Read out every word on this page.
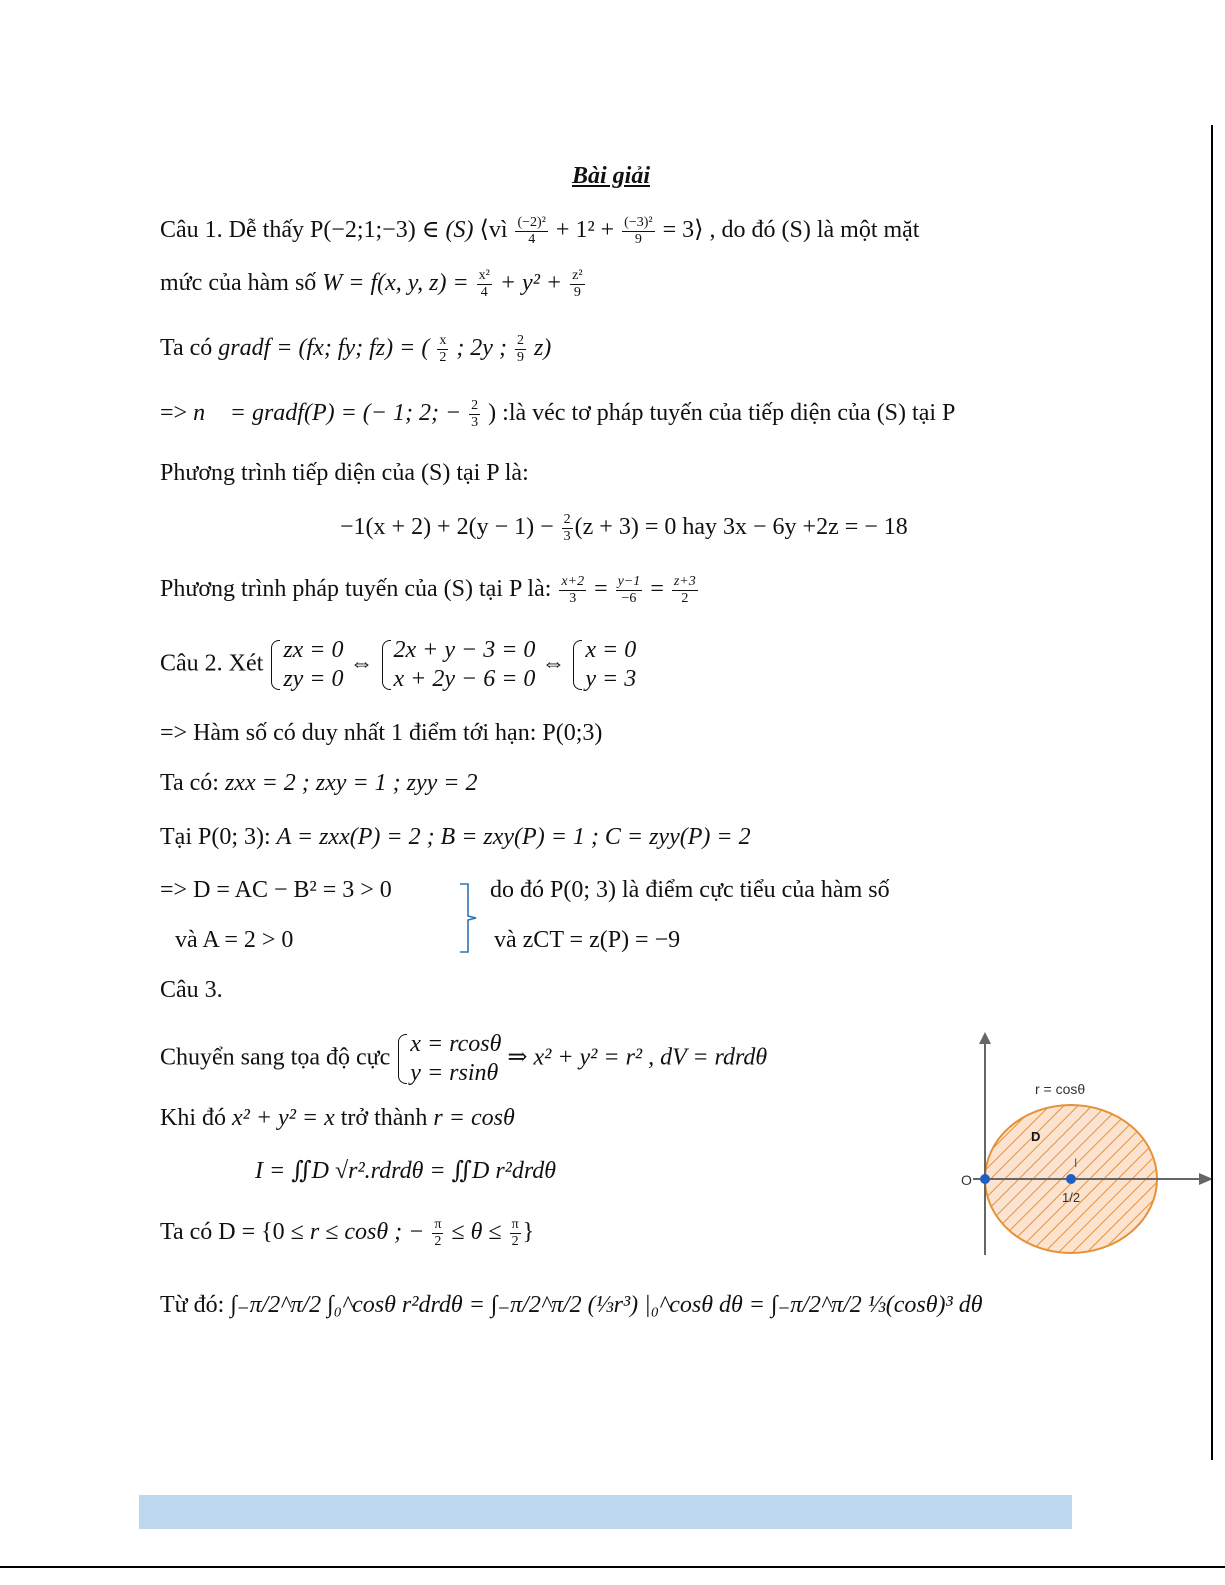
Bài giải
Câu 1. Dễ thấy P(−2;1;−3) ∈ (S) ⟨vì $\frac{\text{(−2)²}}{4} + 1^2 + \frac{\text{(−3)²}}{9}$ = 3⟩ , do đó (S) là một mặt
mức của hàm số W = f(x, y, $z) = \frac{\text{x²}}{4} + y^2 + \frac{\text{z²}}{9}$
Ta có gradf = (fx; fy; fz) = ( $\frac{x}{2}$ ; 2y ; $\frac{2}{9} z$)
=> n⃗ = gradf(P) = (− 1; 2; − $\frac{2}{3}$ ) :là véc tơ pháp tuyến của tiếp diện của (S) tại P
Phương trình tiếp diện của (S) tại P là:
$-1(x + 2) + 2(y - 1) - \frac{2}{3} (z + 3) = 0$ hay 3x − 6y +2z = − 18
Phương trình pháp tuyến của (S) tại P là: $\frac{x+2}{3} = \frac{y-1}{-6} = \frac{z+3}{2}$
Câu 2. Xét
zx = 0
zy = 0
⇔
2x + y − 3 = 0
x + 2y − 6 = 0
⇔
x = 0
y = 3
=> Hàm số có duy nhất 1 điểm tới hạn: P(0;3)
Ta có: zxx = 2 ; zxy = 1 ; zyy = 2
Tại P(0; 3): A = zxx(P) = 2 ; B = zxy(P) = 1 ; C = zyy(P) = 2
=> D = AC − B² = 3 > 0	do đó P(0; 3) là điểm cực tiểu của hàm số
và A = 2 > 0	và zCT = z(P) = −9
Câu 3.
Chuyển sang tọa độ cực
x = rcosθ
y = rsinθ
⇒ x² + y² = r² , dV = rdrdθ
Khi đó x² + y² = x trở thành r = cosθ
I = ∬D √r².rdrdθ = ∬D r²drdθ
Ta có D = {0 ≤ r ≤ cosθ ; − $\frac{\pi}{2} \le \theta \le \frac{\pi}{2}$ }
Từ đó: ∫₋π/2^π/2 ∫₀^cosθ r²drdθ = ∫₋π/2^π/2 (⅓r³) |₀^cosθ dθ = ∫₋π/2^π/2 ⅓(cosθ)³ dθ
r = cosθ
D
O
I
1/2
